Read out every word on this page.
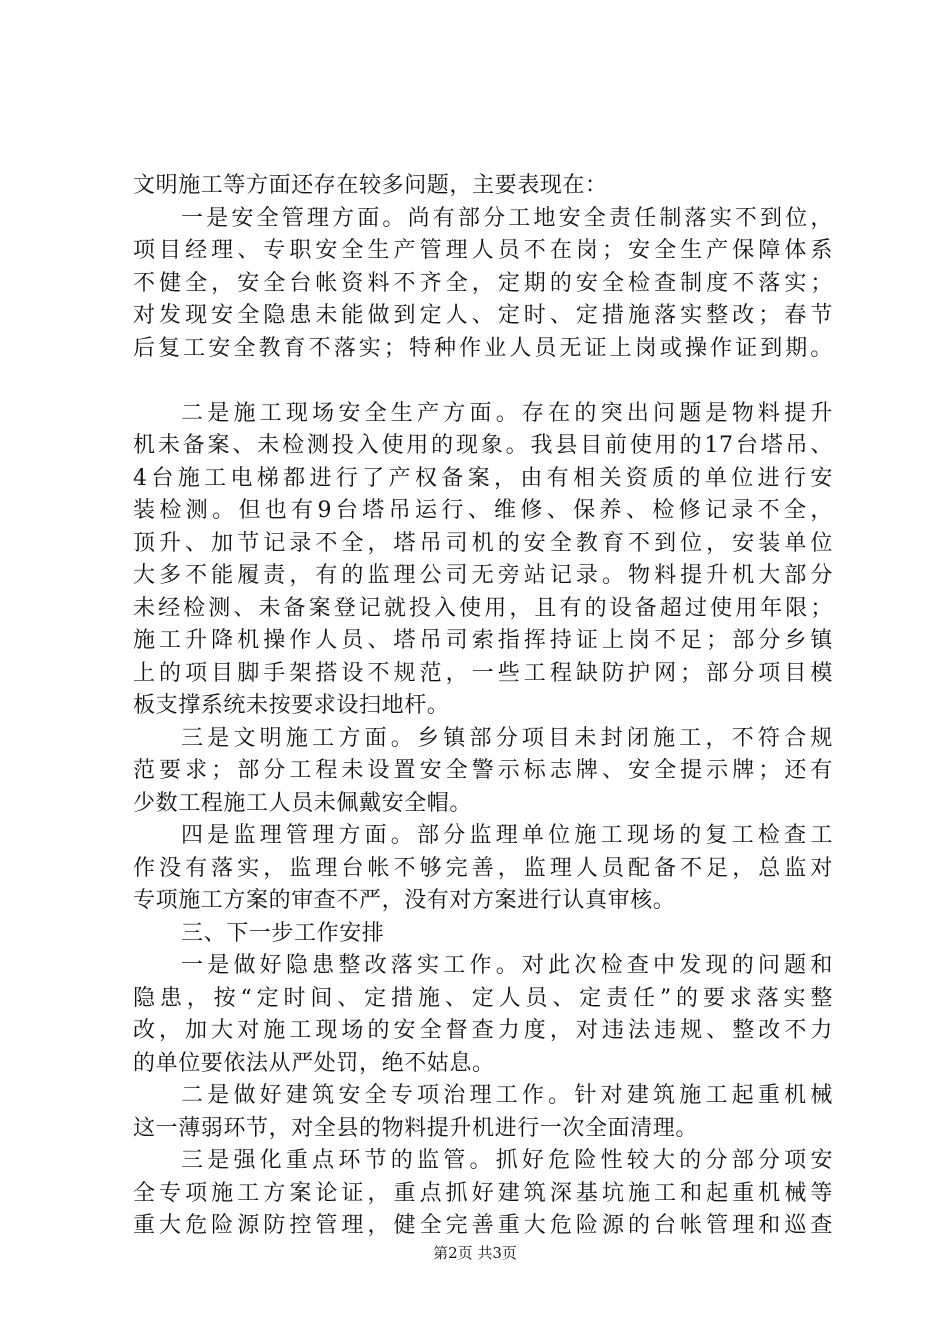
文明施工等方面还存在较多问题，主要表现在：
一是安全管理方面。尚有部分工地安全责任制落实不到位，
项目经理、专职安全生产管理人员不在岗；安全生产保障体系
不健全，安全台帐资料不齐全，定期的安全检查制度不落实；
对发现安全隐患未能做到定人、定时、定措施落实整改；春节
后复工安全教育不落实；特种作业人员无证上岗或操作证到期。
二是施工现场安全生产方面。存在的突出问题是物料提升
机未备案、未检测投入使用的现象。我县目前使用的17台塔吊、
4台施工电梯都进行了产权备案，由有相关资质的单位进行安
装检测。但也有9台塔吊运行、维修、保养、检修记录不全，
顶升、加节记录不全，塔吊司机的安全教育不到位，安装单位
大多不能履责，有的监理公司无旁站记录。物料提升机大部分
未经检测、未备案登记就投入使用，且有的设备超过使用年限；
施工升降机操作人员、塔吊司索指挥持证上岗不足；部分乡镇
上的项目脚手架搭设不规范，一些工程缺防护网；部分项目模
板支撑系统未按要求设扫地杆。
三是文明施工方面。乡镇部分项目未封闭施工，不符合规
范要求；部分工程未设置安全警示标志牌、安全提示牌；还有
少数工程施工人员未佩戴安全帽。
四是监理管理方面。部分监理单位施工现场的复工检查工
作没有落实，监理台帐不够完善，监理人员配备不足，总监对
专项施工方案的审查不严，没有对方案进行认真审核。
三、下一步工作安排
一是做好隐患整改落实工作。对此次检查中发现的问题和
隐患，按“定时间、定措施、定人员、定责任”的要求落实整
改，加大对施工现场的安全督查力度，对违法违规、整改不力
的单位要依法从严处罚，绝不姑息。
二是做好建筑安全专项治理工作。针对建筑施工起重机械
这一薄弱环节，对全县的物料提升机进行一次全面清理。
三是强化重点环节的监管。抓好危险性较大的分部分项安
全专项施工方案论证，重点抓好建筑深基坑施工和起重机械等
重大危险源防控管理，健全完善重大危险源的台帐管理和巡查
第2页 共3页
